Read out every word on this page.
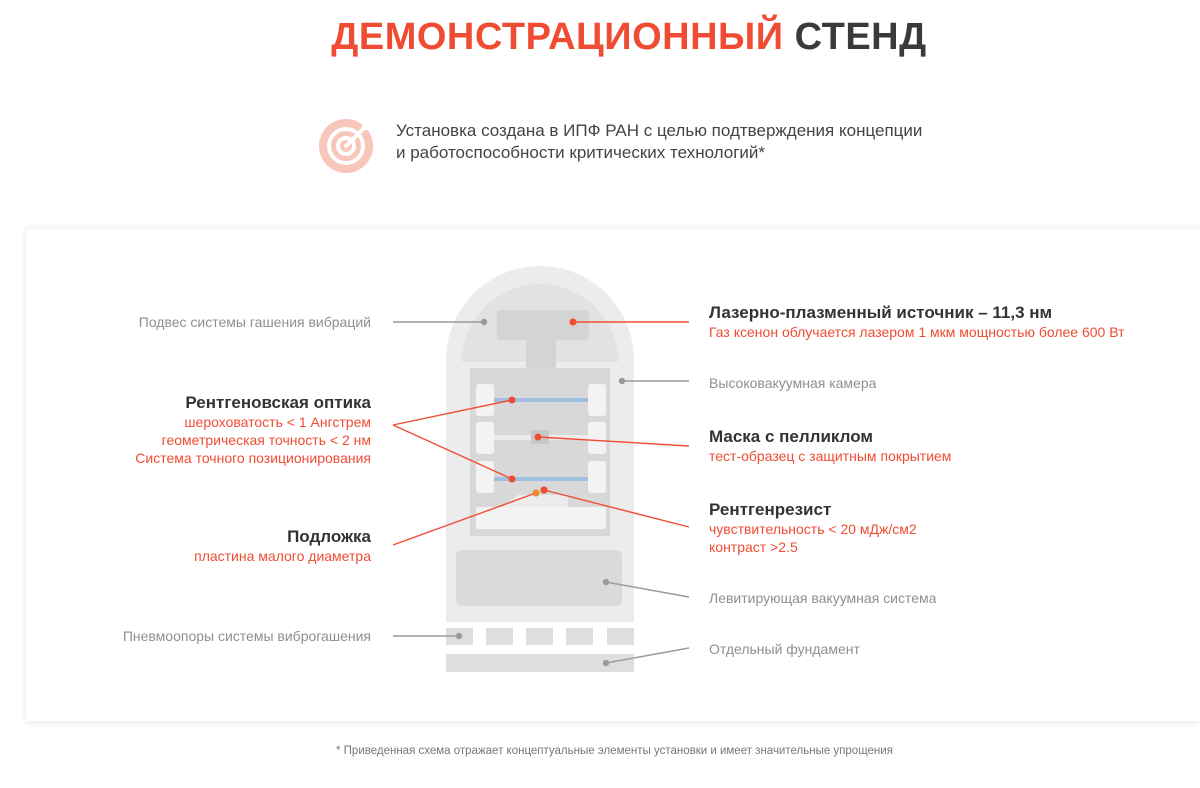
ДЕМОНСТРАЦИОННЫЙ СТЕНД
Установка создана в ИПФ РАН с целью подтверждения концепции
и работоспособности критических технологий*
Подвес системы гашения вибраций
Рентгеновская оптика
шероховатость < 1 Ангстрем
геометрическая точность < 2 нм
Система точного позиционирования
Подложка
пластина малого диаметра
Пневмоопоры системы виброгашения
Лазерно-плазменный источник – 11,3 нм
Газ ксенон облучается лазером 1 мкм мощностью более 600 Вт
Высоковакуумная камера
Маска с пелликлом
тест-образец с защитным покрытием
Рентгенрезист
чувствительность < 20 мДж/см2
контраст >2.5
Левитирующая вакуумная система
Отдельный фундамент
* Приведенная схема отражает концептуальные элементы установки и имеет значительные упрощения
